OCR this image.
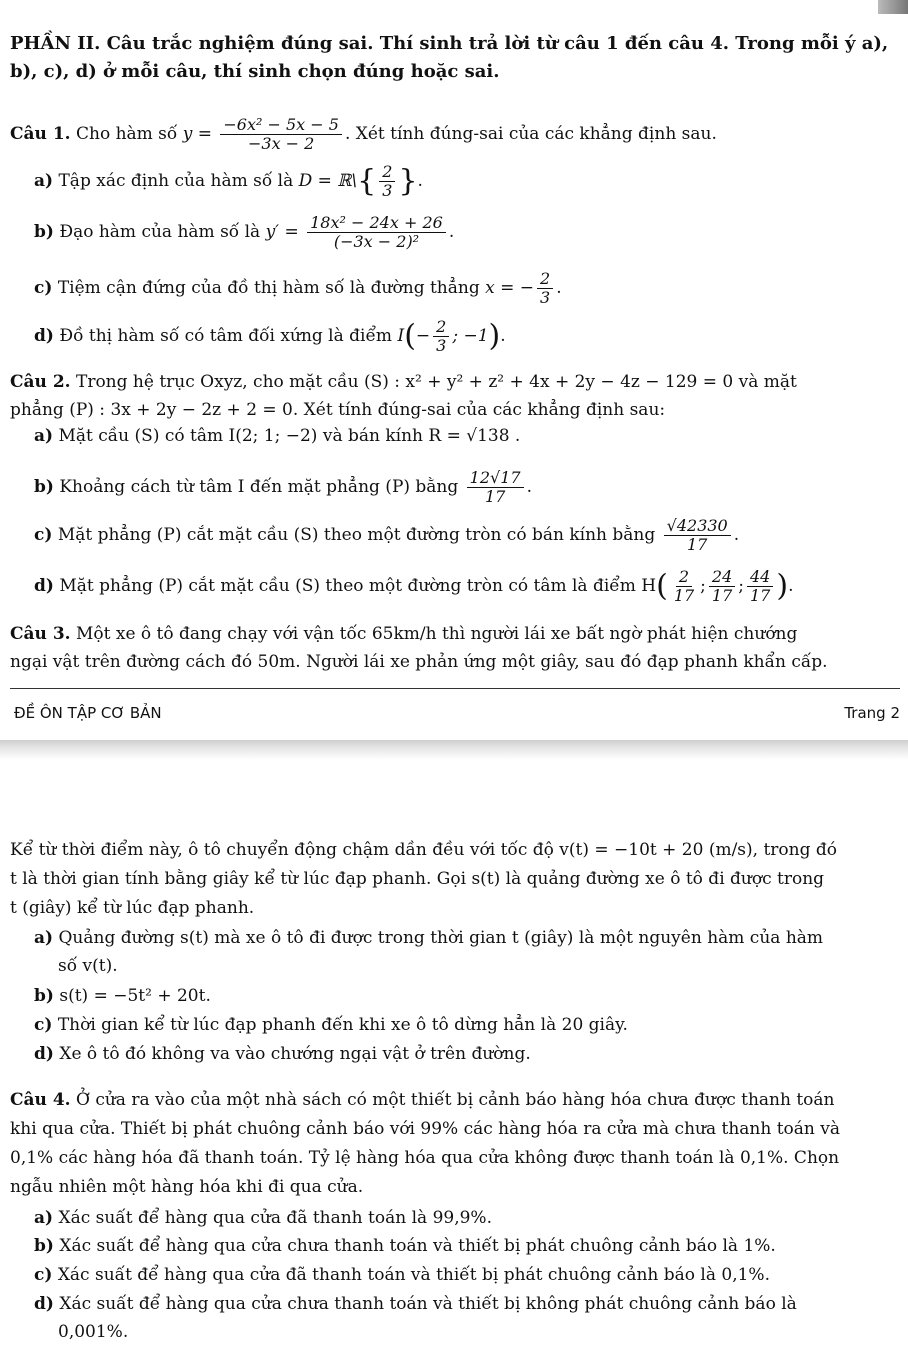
PHẦN II. Câu trắc nghiệm đúng sai. Thí sinh trả lời từ câu 1 đến câu 4. Trong mỗi ý a), b), c), d) ở mỗi câu, thí sinh chọn đúng hoặc sai.
Câu 1. Cho hàm số $y = \frac{\text{−6x² − 5x − 5}}{-3x - 2}$ . Xét tính đúng-sai của các khẳng định sau.
a) Tập xác định của hàm số là D = ℝ\{ $\frac{2}{3}$ }.
b) Đạo hàm của hàm số là $y' = \frac{\text{18x² − 24x + 26}}{\text{(−3x − 2)²}}$ .
c) Tiệm cận đứng của đồ thị hàm số là đường thẳng x = − $\frac{2}{3}$ .
d) Đồ thị hàm số có tâm đối xứng là điểm $I(- \frac{2}{3}$ ; −1).
Câu 2. Trong hệ trục Oxyz, cho mặt cầu (S) : x² + y² + z² + 4x + 2y − 4z − 129 = 0 và mặt
phẳng (P) : 3x + 2y − 2z + 2 = 0. Xét tính đúng-sai của các khẳng định sau:
a) Mặt cầu (S) có tâm I(2; 1; −2) và bán kính R = √138 .
b) Khoảng cách từ tâm I đến mặt phẳng (P) bằng $\frac{12√17}{17}$ .
c) Mặt phẳng (P) cắt mặt cầu (S) theo một đường tròn có bán kính bằng $\frac{√42330}{17}$ .
d) Mặt phẳng (P) cắt mặt cầu (S) theo một đường tròn có tâm là điểm $H( \frac{2}{17}$ ; $\frac{24}{17}$ ; $\frac{44}{17}$ ).
Câu 3. Một xe ô tô đang chạy với vận tốc 65km/h thì người lái xe bất ngờ phát hiện chướng
ngại vật trên đường cách đó 50m. Người lái xe phản ứng một giây, sau đó đạp phanh khẩn cấp.
ĐỀ ÔN TẬP CƠ BẢN	Trang 2
Kể từ thời điểm này, ô tô chuyển động chậm dần đều với tốc độ v(t) = −10t + 20 (m/s), trong đó
t là thời gian tính bằng giây kể từ lúc đạp phanh. Gọi s(t) là quảng đường xe ô tô đi được trong
t (giây) kể từ lúc đạp phanh.
a) Quảng đường s(t) mà xe ô tô đi được trong thời gian t (giây) là một nguyên hàm của hàm
số v(t).
b) s(t) = −5t² + 20t.
c) Thời gian kể từ lúc đạp phanh đến khi xe ô tô dừng hẳn là 20 giây.
d) Xe ô tô đó không va vào chướng ngại vật ở trên đường.
Câu 4. Ở cửa ra vào của một nhà sách có một thiết bị cảnh báo hàng hóa chưa được thanh toán
khi qua cửa. Thiết bị phát chuông cảnh báo với 99% các hàng hóa ra cửa mà chưa thanh toán và
0,1% các hàng hóa đã thanh toán. Tỷ lệ hàng hóa qua cửa không được thanh toán là 0,1%. Chọn
ngẫu nhiên một hàng hóa khi đi qua cửa.
a) Xác suất để hàng qua cửa đã thanh toán là 99,9%.
b) Xác suất để hàng qua cửa chưa thanh toán và thiết bị phát chuông cảnh báo là 1%.
c) Xác suất để hàng qua cửa đã thanh toán và thiết bị phát chuông cảnh báo là 0,1%.
d) Xác suất để hàng qua cửa chưa thanh toán và thiết bị không phát chuông cảnh báo là
0,001%.
